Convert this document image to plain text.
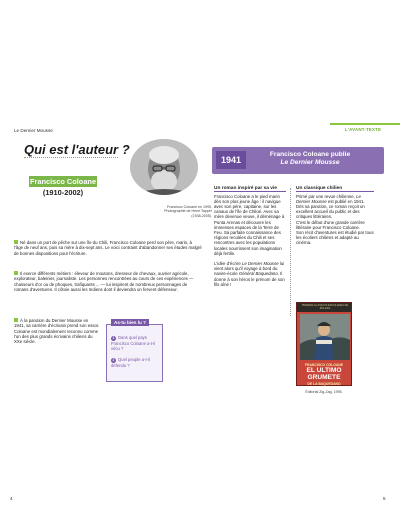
Le Dernier Mousse	L'AVANT-TEXTE
Qui est l'auteur ?
Francisco Coloane
(1910-2002)
Francisco Coloane en 1995.
Photographie de Henri Tapper
(1938-2005).
Né dans un port de pêche sur une île du Chili, Francisco Coloane perd son père, marin, à l'âge de neuf ans, puis sa mère à dix-sept ans. Le voici contraint d'abandonner ses études malgré de bonnes dispositions pour l'écriture.
Il exerce différents métiers : éleveur de moutons, dresseur de chevaux, ouvrier agricole, explorateur, baleinier, journaliste. Les personnes rencontrées au cours de ces expériences — chasseurs d'or ou de phoques, trafiquants ... — lui inspirent de nombreux personnages de romans d'aventures. Il côtoie aussi les Indiens dont il deviendra un fervent défenseur.
À la parution du Dernier Mousse en 1941, sa carrière d'écrivain prend son essor. Coloane est mondialement reconnu comme l'un des plus grands écrivains chiliens du XXe siècle.
As-tu bien lu ?
1 Dans quel pays Francisco Coloane a-t-il vécu ?
2 Quel peuple a-t-il défendu ?
1941
Francisco Coloane publie
Le Dernier Mousse
Un roman inspiré par sa vie
Francisco Coloane a le pied marin dès son plus jeune âge : il navigue avec son père, capitaine, sur les canaux de l'île de Chiloé. Avec sa mère devenue veuve, il déménage à Punta Arenas et découvre les immenses espaces de la Terre de Feu. Sa parfaite connaissance des régions reculées du Chili et ses rencontres avec les populations locales nourrissent son imagination déjà fertile.
L'idée d'écrire Le Dernier Mousse lui vient alors qu'il voyage à bord du navire-école Général Baquedano. Il donne à son héros le prénom de son fils aîné !
Un classique chilien
Primé par une revue chilienne, Le Dernier Mousse est publié en 1941.
Dès sa parution, ce roman reçoit un excellent accueil du public et des critiques littéraires.
C'est le début d'une grande carrière littéraire pour Francisco Coloane.
Son récit d'aventures est étudié par tous les écoliers chiliens et adapté au cinéma.
PRIMERA CLASICOS ESCOLARES DE ZIG-ZAG
FRANCISCO COLOANE
EL ULTIMO
GRUMETE
DE LA BAQUEDANO
Éditorial Zig-Zag, 1995.
4	5
